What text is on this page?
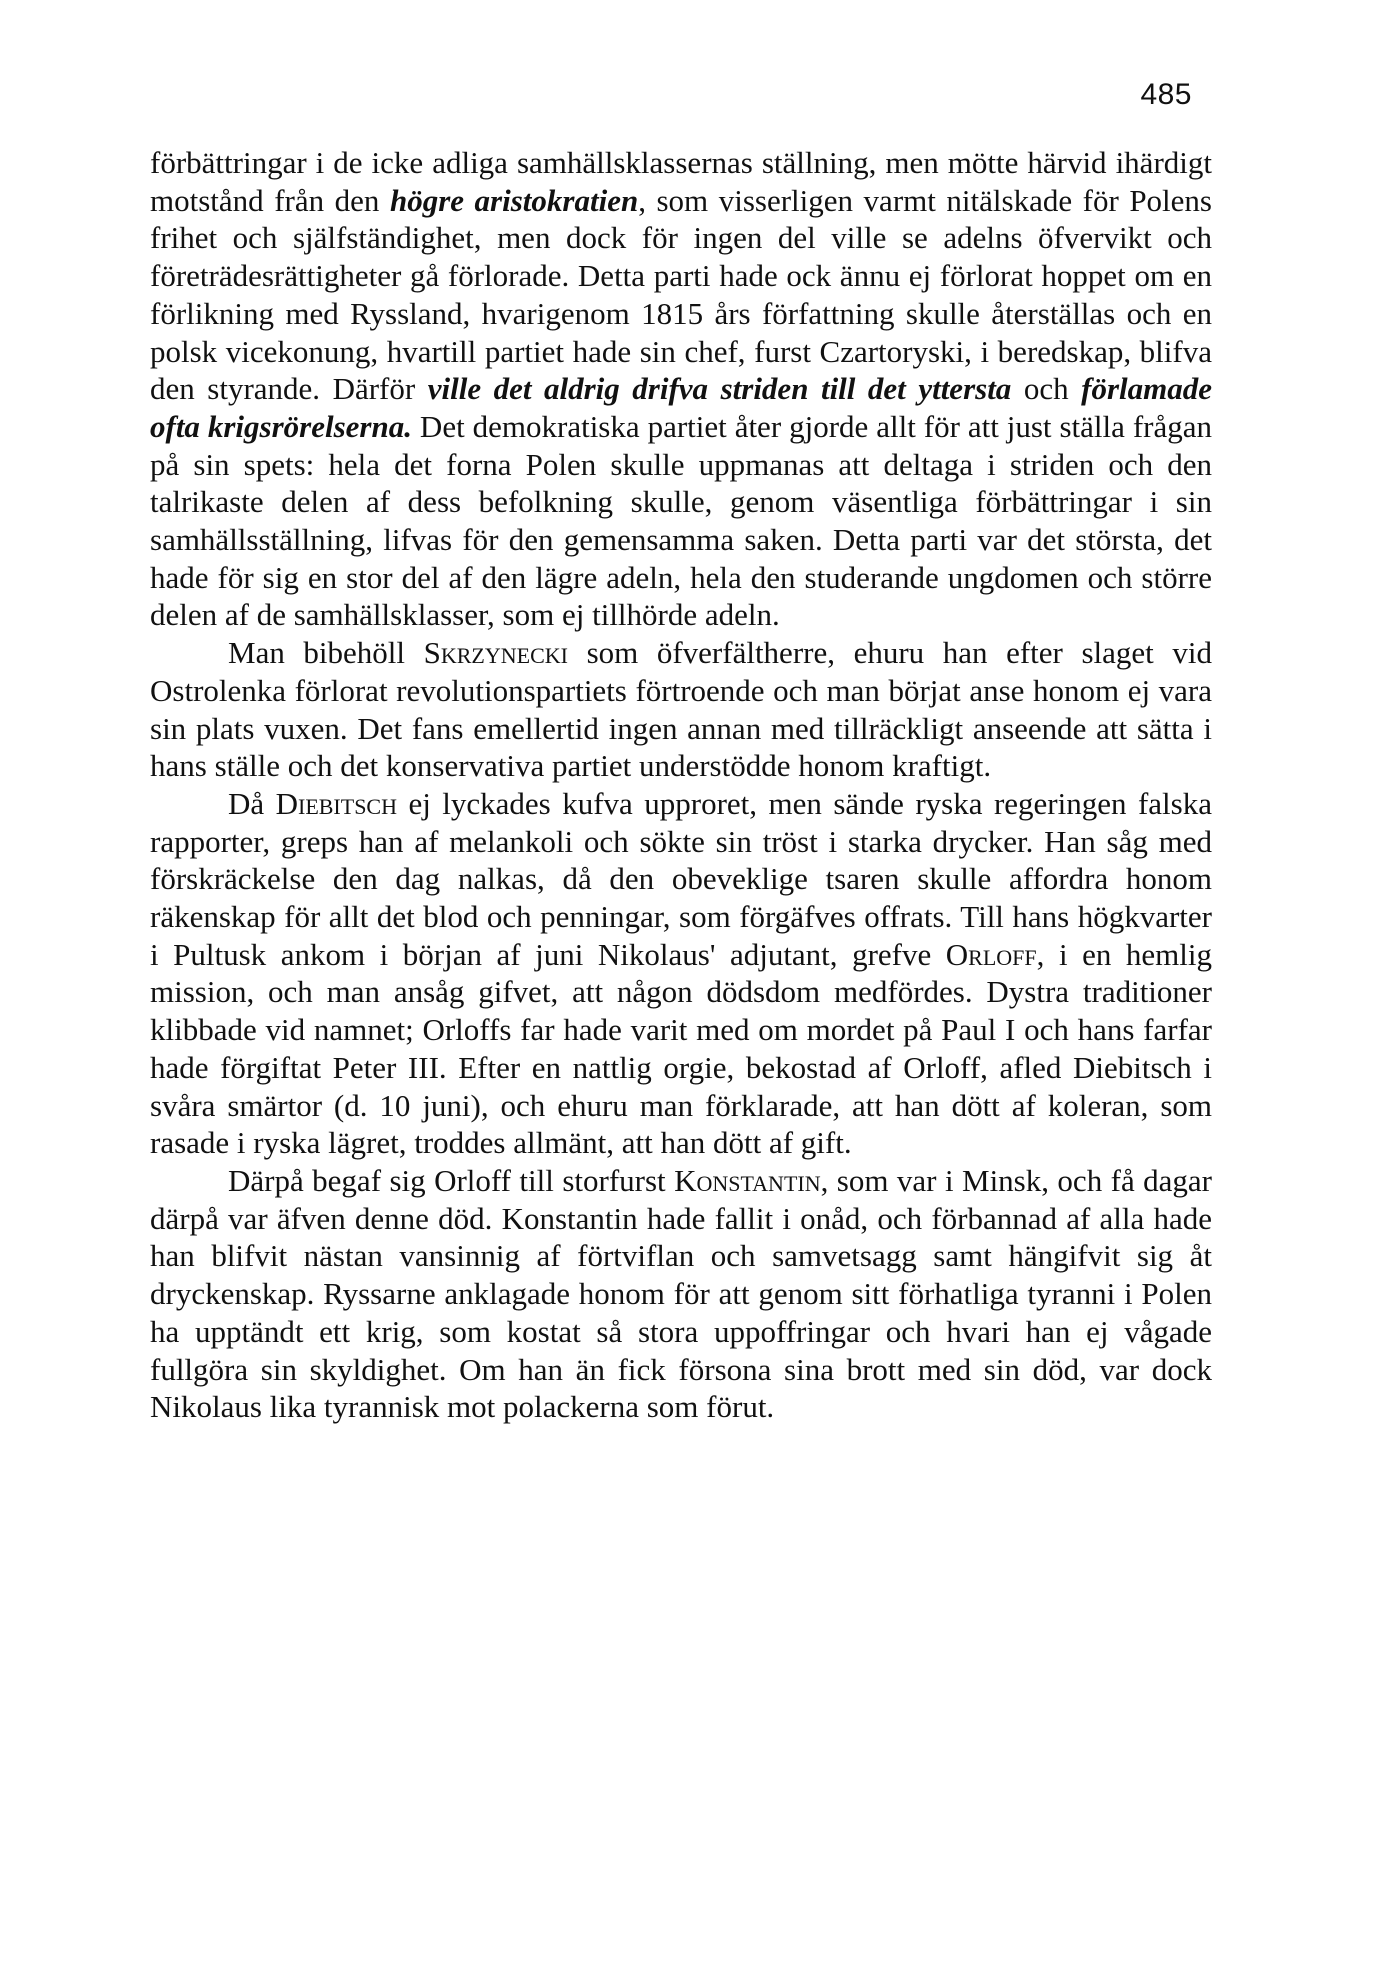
485

förbättringar i de icke adliga samhällsklassernas ställning, men mötte härvid ihärdigt motstånd från den högre aristokratien, som visserligen varmt nitälskade för Polens frihet och själfständighet, men dock för ingen del ville se adelns öfvervikt och företrädesrättigheter gå förlorade. Detta parti hade ock ännu ej förlorat hoppet om en förlikning med Ryssland, hvarigenom 1815 års författning skulle återställas och en polsk vicekonung, hvartill partiet hade sin chef, furst Czartoryski, i beredskap, blifva den styrande. Därför ville det aldrig drifva striden till det yttersta och förlamade ofta krigsrörelserna. Det demokratiska partiet åter gjorde allt för att just ställa frågan på sin spets: hela det forna Polen skulle uppmanas att deltaga i striden och den talrikaste delen af dess befolkning skulle, genom väsentliga förbättringar i sin samhällsställning, lifvas för den gemensamma saken. Detta parti var det största, det hade för sig en stor del af den lägre adeln, hela den studerande ungdomen och större delen af de samhällsklasser, som ej tillhörde adeln.

Man bibehöll Skrzynecki som öfverfältherre, ehuru han efter slaget vid Ostrolenka förlorat revolutionspartiets förtroende och man börjat anse honom ej vara sin plats vuxen. Det fans emellertid ingen annan med tillräckligt anseende att sätta i hans ställe och det konservativa partiet understödde honom kraftigt.

Då Diebitsch ej lyckades kufva upproret, men sände ryska regeringen falska rapporter, greps han af melankoli och sökte sin tröst i starka drycker. Han såg med förskräckelse den dag nalkas, då den obeveklige tsaren skulle affordra honom räkenskap för allt det blod och penningar, som förgäfves offrats. Till hans högkvarter i Pultusk ankom i början af juni Nikolaus' adjutant, grefve Orloff, i en hemlig mission, och man ansåg gifvet, att någon dödsdom medfördes. Dystra traditioner klibbade vid namnet; Orloffs far hade varit med om mordet på Paul I och hans farfar hade förgiftat Peter III. Efter en nattlig orgie, bekostad af Orloff, afled Diebitsch i svåra smärtor (d. 10 juni), och ehuru man förklarade, att han dött af koleran, som rasade i ryska lägret, troddes allmänt, att han dött af gift.

Därpå begaf sig Orloff till storfurst Konstantin, som var i Minsk, och få dagar därpå var äfven denne död. Konstantin hade fallit i onåd, och förbannad af alla hade han blifvit nästan vansinnig af förtviflan och samvetsagg samt hängifvit sig åt dryckenskap. Ryssarne anklagade honom för att genom sitt förhatliga tyranni i Polen ha upptändt ett krig, som kostat så stora uppoffringar och hvari han ej vågade fullgöra sin skyldighet. Om han än fick försona sina brott med sin död, var dock Nikolaus lika tyrannisk mot polackerna som förut.
